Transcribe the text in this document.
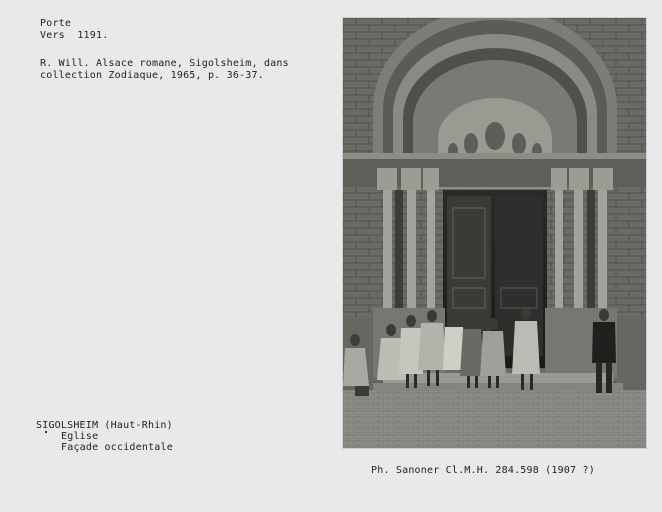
Porte
Vers  1191.
R. Will. Alsace romane, Sigolsheim, dans
collection Zodiaque, 1965, p. 36-37.
SIGOLSHEIM (Haut-Rhin)
Eglise
Façade occidentale
Ph. Sanoner Cl.M.H. 284.598 (1907 ?)
